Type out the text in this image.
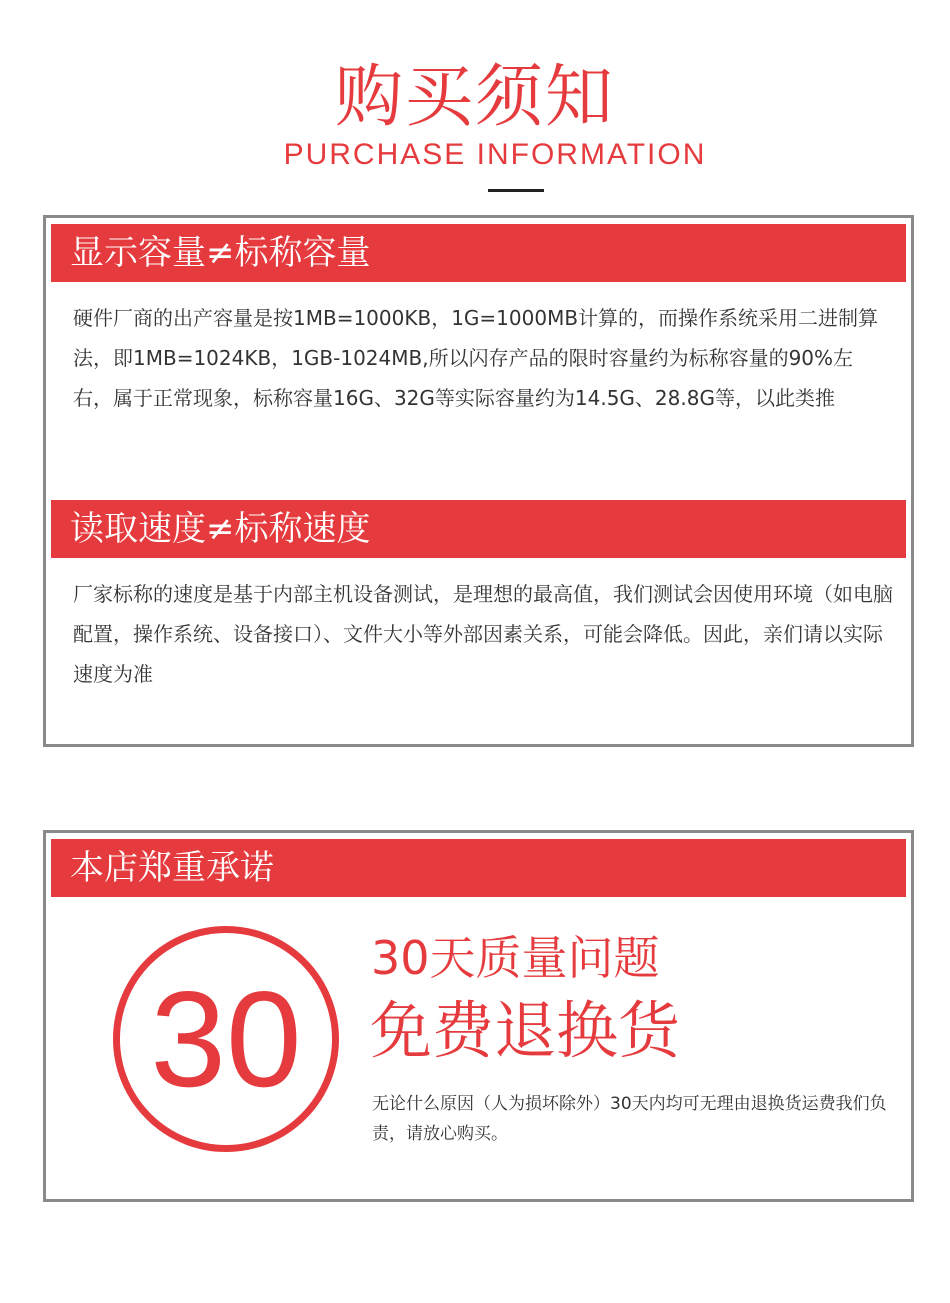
购买须知
PURCHASE INFORMATION
显示容量≠标称容量
硬件厂商的出产容量是按1MB=1000KB，1G=1000MB计算的，而操作系统采用二进制算法，即1MB=1024KB，1GB-1024MB,所以闪存产品的限时容量约为标称容量的90%左右，属于正常现象，标称容量16G、32G等实际容量约为14.5G、28.8G等，以此类推
读取速度≠标称速度
厂家标称的速度是基于内部主机设备测试，是理想的最高值，我们测试会因使用环境（如电脑配置，操作系统、设备接口）、文件大小等外部因素关系，可能会降低。因此，亲们请以实际速度为准
本店郑重承诺
30
30天质量问题
免费退换货
无论什么原因（人为损坏除外）30天内均可无理由退换货运费我们负责，请放心购买。
